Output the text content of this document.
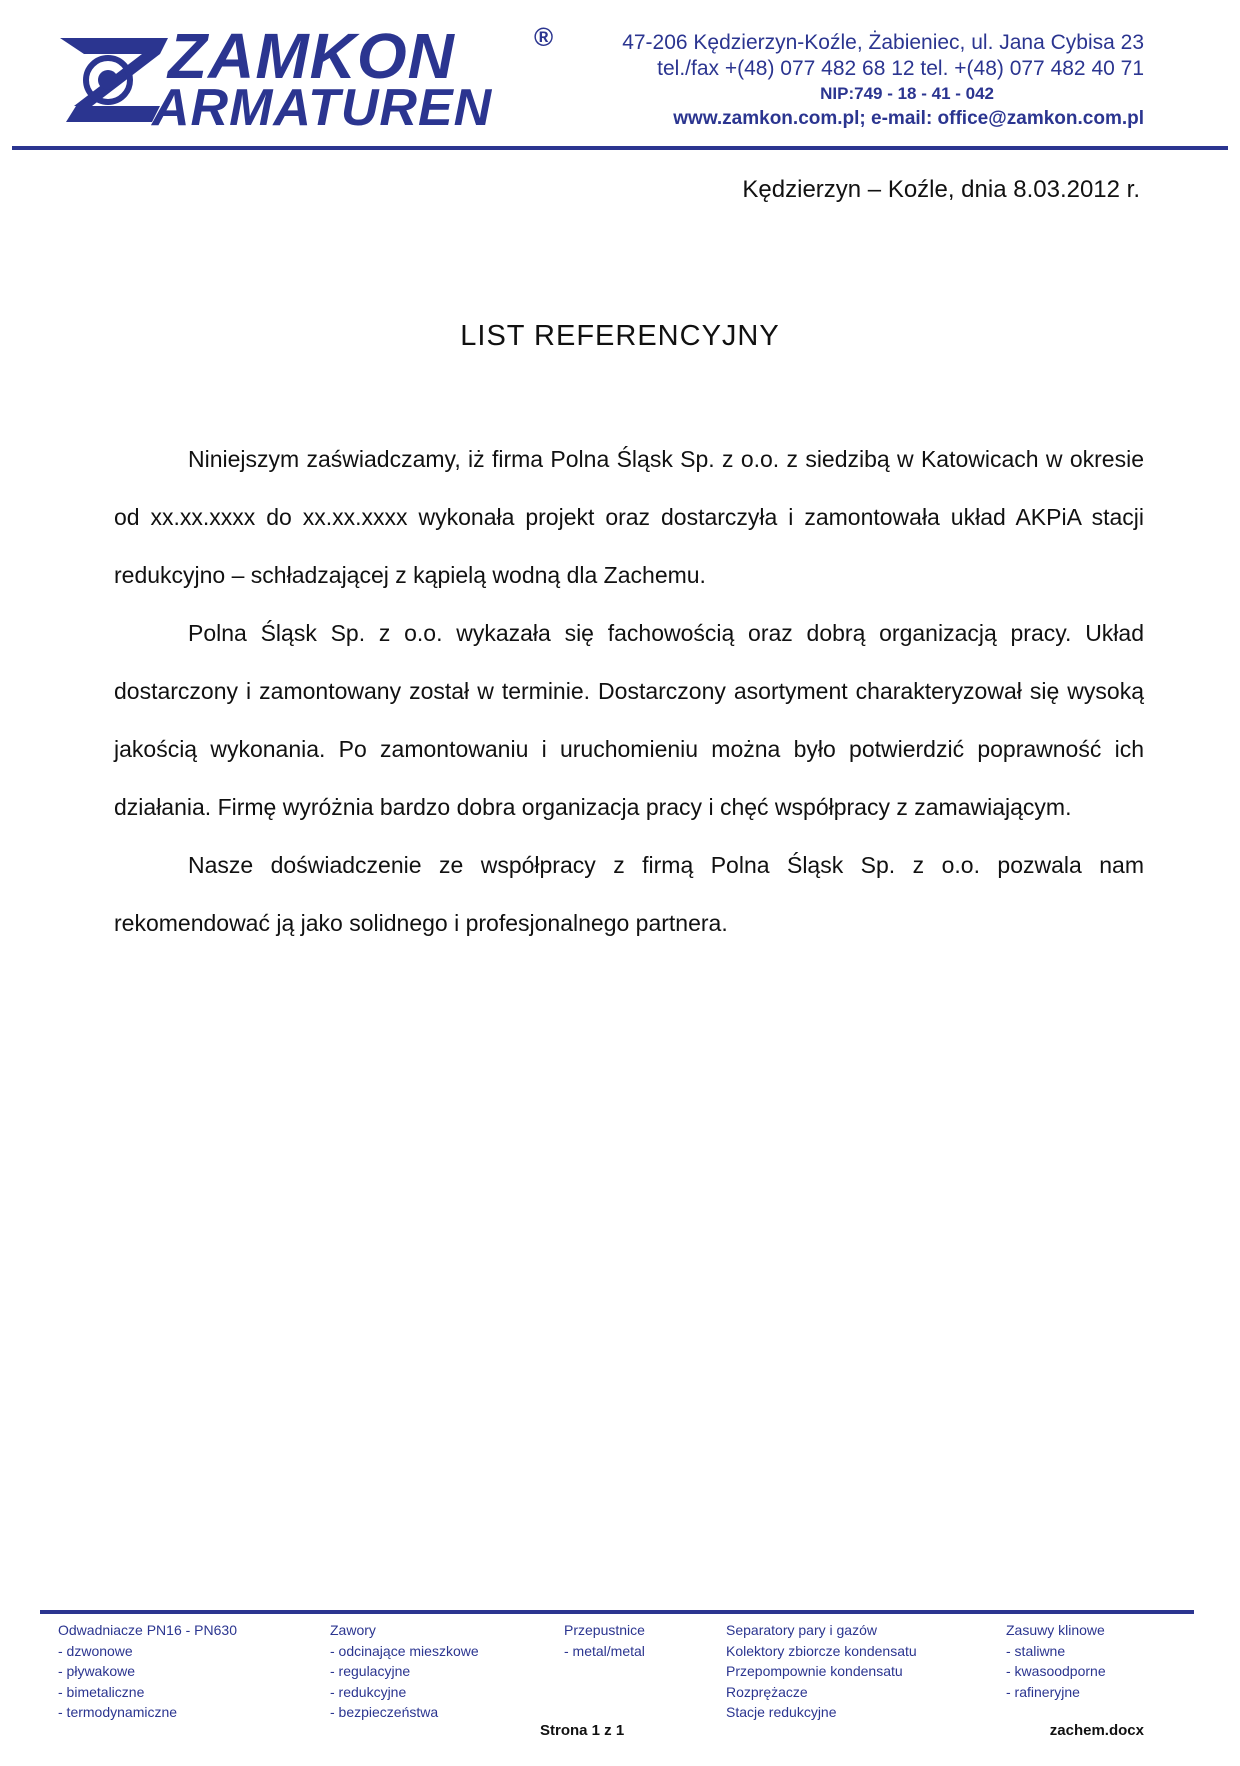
ZAMKON
ARMATUREN
®	47-206 Kędzierzyn-Koźle, Żabieniec, ul. Jana Cybisa 23
tel./fax +(48) 077 482 68 12 tel. +(48) 077 482 40 71
NIP:749 - 18 - 41 - 042
www.zamkon.com.pl; e-mail: office@zamkon.com.pl
Kędzierzyn – Koźle, dnia 8.03.2012 r.
LIST REFERENCYJNY

Niniejszym zaświadczamy, iż firma Polna Śląsk Sp. z o.o. z siedzibą w Katowicach w okresie od xx.xx.xxxx do xx.xx.xxxx wykonała projekt oraz dostarczyła i zamontowała układ AKPiA stacji redukcyjno – schładzającej z kąpielą wodną dla Zachemu.

Polna Śląsk Sp. z o.o. wykazała się fachowością oraz dobrą organizacją pracy. Układ dostarczony i zamontowany został w terminie. Dostarczony asortyment charakteryzował się wysoką jakością wykonania. Po zamontowaniu i uruchomieniu można było potwierdzić poprawność ich działania. Firmę wyróżnia bardzo dobra organizacja pracy i chęć współpracy z zamawiającym.

Nasze doświadczenie ze współpracy z firmą Polna Śląsk Sp. z o.o. pozwala nam rekomendować ją jako solidnego i profesjonalnego partnera.

Odwadniacze PN16 - PN630
- dzwonowe
- pływakowe
- bimetaliczne
- termodynamiczne
Zawory
- odcinające mieszkowe
- regulacyjne
- redukcyjne
- bezpieczeństwa
Przepustnice
- metal/metal
Separatory pary i gazów
Kolektory zbiorcze kondensatu
Przepompownie kondensatu
Rozprężacze
Stacje redukcyjne
Zasuwy klinowe
- staliwne
- kwasoodporne
- rafineryjne
Strona 1 z 1	zachem.docx
